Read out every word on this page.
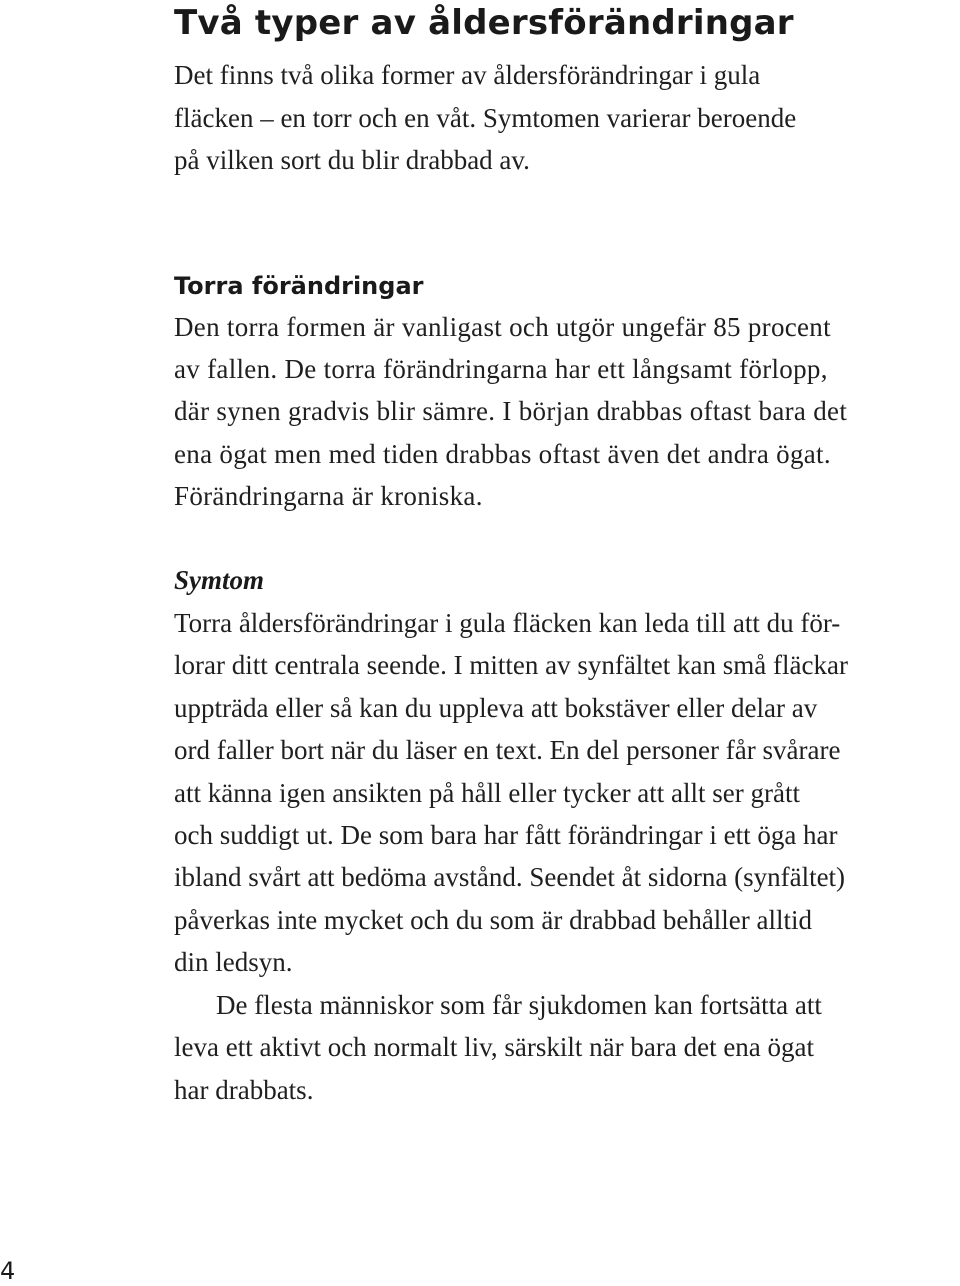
Två typer av åldersförändringar

Det finns två olika former av åldersförändringar i gula
fläcken – en torr och en våt. Symtomen varierar beroende
på vilken sort du blir drabbad av.

Torra förändringar

Den torra formen är vanligast och utgör ungefär 85 procent
av fallen. De torra förändringarna har ett långsamt förlopp,
där synen gradvis blir sämre. I början drabbas oftast bara det
ena ögat men med tiden drabbas oftast även det andra ögat.
Förändringarna är kroniska.

Symtom

Torra åldersförändringar i gula fläcken kan leda till att du för-
lorar ditt centrala seende. I mitten av synfältet kan små fläckar
uppträda eller så kan du uppleva att bokstäver eller delar av
ord faller bort när du läser en text. En del personer får svårare
att känna igen ansikten på håll eller tycker att allt ser grått
och suddigt ut. De som bara har fått förändringar i ett öga har
ibland svårt att bedöma avstånd. Seendet åt sidorna (synfältet)
påverkas inte mycket och du som är drabbad behåller alltid
din ledsyn.

De flesta människor som får sjukdomen kan fortsätta att
leva ett aktivt och normalt liv, särskilt när bara det ena ögat
har drabbats.

4
